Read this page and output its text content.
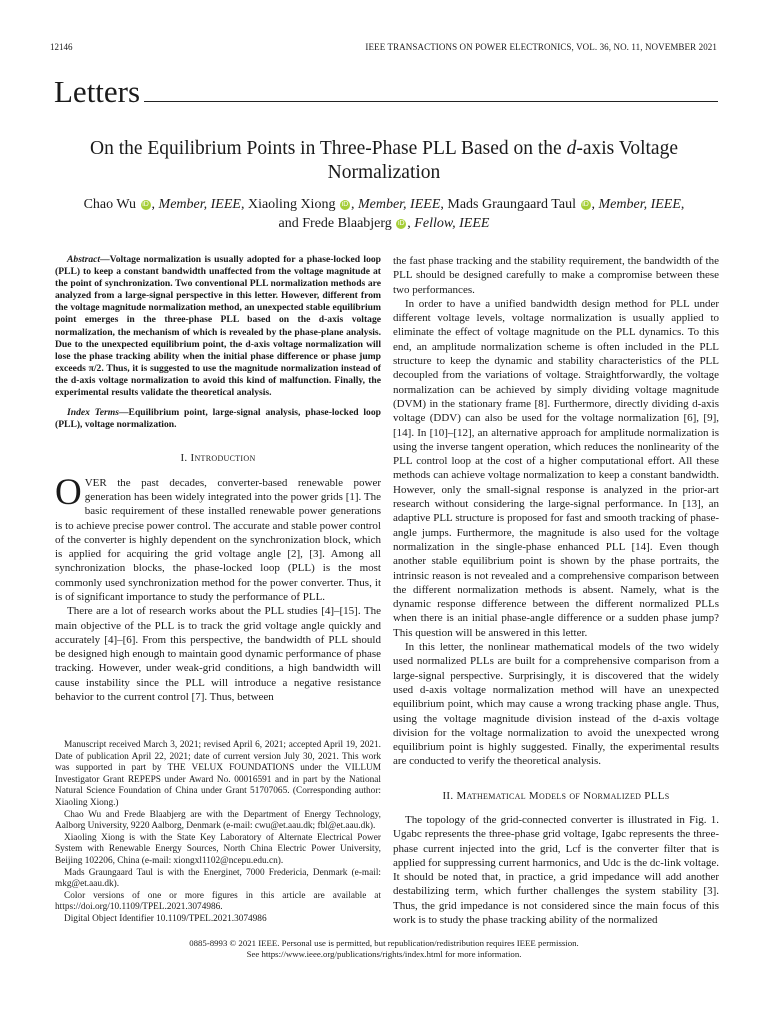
12146	IEEE TRANSACTIONS ON POWER ELECTRONICS, VOL. 36, NO. 11, NOVEMBER 2021
Letters
On the Equilibrium Points in Three-Phase PLL Based on the d-axis Voltage Normalization
Chao Wu iD , Member, IEEE, Xiaoling Xiong iD , Member, IEEE, Mads Graungaard Taul iD , Member, IEEE,
and Frede Blaabjerg iD , Fellow, IEEE

Abstract—Voltage normalization is usually adopted for a phase-locked loop (PLL) to keep a constant bandwidth unaffected from the voltage magnitude at the point of synchronization. Two conventional PLL normalization methods are analyzed from a large-signal perspective in this letter. However, different from the voltage magnitude normalization method, an unexpected stable equilibrium point emerges in the three-phase PLL based on the d-axis voltage normalization, the mechanism of which is revealed by the phase-plane analysis. Due to the unexpected equilibrium point, the d-axis voltage normalization will lose the phase tracking ability when the initial phase difference or phase jump exceeds π/2. Thus, it is suggested to use the magnitude normalization instead of the d-axis voltage normalization to avoid this kind of malfunction. Finally, the experimental results validate the theoretical analysis.

Index Terms—Equilibrium point, large-signal analysis, phase-locked loop (PLL), voltage normalization.

I. Introduction

OVER the past decades, converter-based renewable power generation has been widely integrated into the power grids [1]. The basic requirement of these installed renewable power generations is to achieve precise power control. The accurate and stable power control of the converter is highly dependent on the synchronization block, which is applied for acquiring the grid voltage angle [2], [3]. Among all synchronization blocks, the phase-locked loop (PLL) is the most commonly used synchronization method for the power converter. Thus, it is of significant importance to study the performance of PLL.

There are a lot of research works about the PLL studies [4]–[15]. The main objective of the PLL is to track the grid voltage angle quickly and accurately [4]–[6]. From this perspective, the bandwidth of PLL should be designed high enough to maintain good dynamic performance of phase tracking. However, under weak-grid conditions, a high bandwidth will cause instability since the PLL will introduce a negative resistance behavior to the current control [7]. Thus, between

Manuscript received March 3, 2021; revised April 6, 2021; accepted April 19, 2021. Date of publication April 22, 2021; date of current version July 30, 2021. This work was supported in part by THE VELUX FOUNDATIONS under the VILLUM Investigator Grant REPEPS under Award No. 00016591 and in part by the National Natural Science Foundation of China under Grant 51707065. (Corresponding author: Xiaoling Xiong.)

Chao Wu and Frede Blaabjerg are with the Department of Energy Technology, Aalborg University, 9220 Aalborg, Denmark (e-mail: cwu@et.aau.dk; fbl@et.aau.dk).

Xiaoling Xiong is with the State Key Laboratory of Alternate Electrical Power System with Renewable Energy Sources, North China Electric Power University, Beijing 102206, China (e-mail: xiongxl1102@ncepu.edu.cn).

Mads Graungaard Taul is with the Energinet, 7000 Fredericia, Denmark (e-mail: mkg@et.aau.dk).

Color versions of one or more figures in this article are available at https://doi.org/10.1109/TPEL.2021.3074986.

Digital Object Identifier 10.1109/TPEL.2021.3074986

the fast phase tracking and the stability requirement, the bandwidth of the PLL should be designed carefully to make a compromise between these two performances.

In order to have a unified bandwidth design method for PLL under different voltage levels, voltage normalization is usually applied to eliminate the effect of voltage magnitude on the PLL dynamics. To this end, an amplitude normalization scheme is often included in the PLL structure to keep the dynamic and stability characteristics of the PLL decoupled from the variations of voltage. Straightforwardly, the voltage normalization can be achieved by simply dividing voltage magnitude (DVM) in the stationary frame [8]. Furthermore, directly dividing d-axis voltage (DDV) can also be used for the voltage normalization [6], [9], [14]. In [10]–[12], an alternative approach for amplitude normalization is using the inverse tangent operation, which reduces the nonlinearity of the PLL control loop at the cost of a higher computational effort. All these methods can achieve voltage normalization to keep a constant bandwidth. However, only the small-signal response is analyzed in the prior-art research without considering the large-signal performance. In [13], an adaptive PLL structure is proposed for fast and smooth tracking of phase-angle jumps. Furthermore, the magnitude is also used for the voltage normalization in the single-phase enhanced PLL [14]. Even though another stable equilibrium point is shown by the phase portraits, the intrinsic reason is not revealed and a comprehensive comparison between the different normalization methods is absent. Namely, what is the dynamic response difference between the different normalized PLLs when there is an initial phase-angle difference or a sudden phase jump? This question will be answered in this letter.

In this letter, the nonlinear mathematical models of the two widely used normalized PLLs are built for a comprehensive comparison from a large-signal perspective. Surprisingly, it is discovered that the widely used d-axis voltage normalization method will have an unexpected equilibrium point, which may cause a wrong tracking phase angle. Thus, using the voltage magnitude division instead of the d-axis voltage division for the voltage normalization to avoid the unexpected wrong equilibrium point is highly suggested. Finally, the experimental results are conducted to verify the theoretical analysis.

II. Mathematical Models of Normalized PLLs

The topology of the grid-connected converter is illustrated in Fig. 1. Ugabc represents the three-phase grid voltage, Igabc represents the three-phase current injected into the grid, Lcf is the converter filter that is applied for suppressing current harmonics, and Udc is the dc-link voltage. It should be noted that, in practice, a grid impedance will add another destabilizing term, which further challenges the system stability [3]. Thus, the grid impedance is not considered since the main focus of this work is to study the phase tracking ability of the normalized

0885-8993 © 2021 IEEE. Personal use is permitted, but republication/redistribution requires IEEE permission.
See https://www.ieee.org/publications/rights/index.html for more information.
